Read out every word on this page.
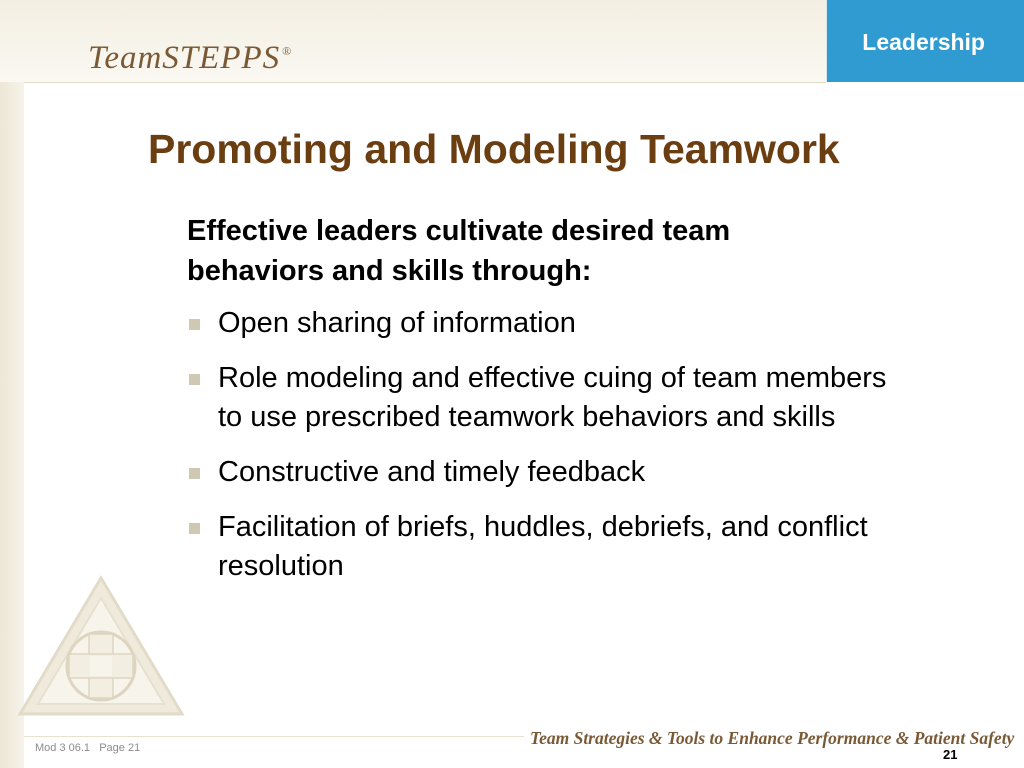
TeamSTEPPS ®	Leadership
Promoting and Modeling Teamwork
Effective leaders cultivate desired team behaviors and skills through:
Open sharing of information
Role modeling and effective cuing of team members to use prescribed teamwork behaviors and skills
Constructive and timely feedback
Facilitation of briefs, huddles, debriefs, and conflict resolution
Mod 3 06.1   Page 21	Team Strategies & Tools to Enhance Performance & Patient Safety
21
